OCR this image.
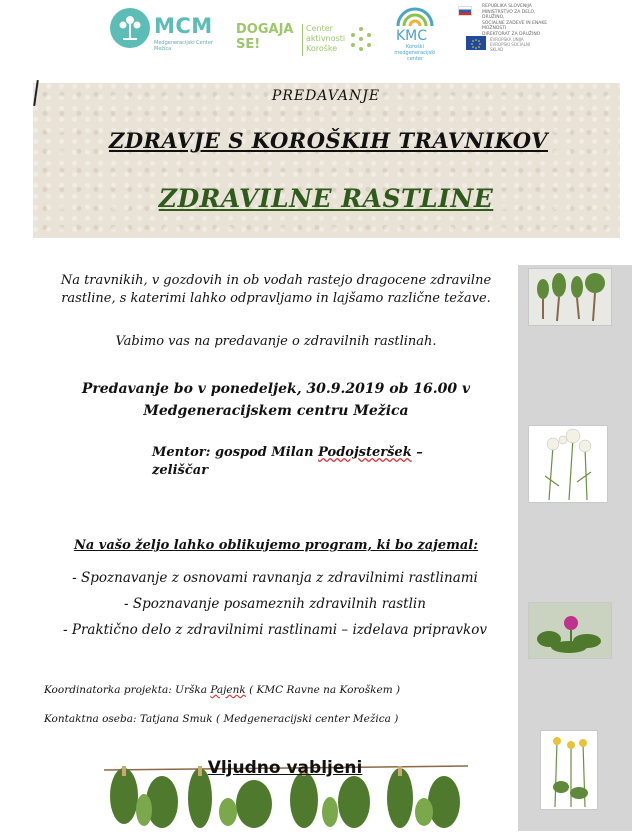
MCM
Medgeneracijski Center Mežica
DOGAJA
SE!
Center
aktivnosti
Koroške
KMC
Koroški medgeneracijski center
REPUBLIKA SLOVENIJA
MINISTRSTVO ZA DELO, DRUŽINO,
SOCIALNE ZADEVE IN ENAKE MOŽNOSTI
DIREKTORAT ZA DRUŽINO
EVROPSKA UNIJA
EVROPSKI SOCIALNI SKLAD
PREDAVANJE
ZDRAVJE S KOROŠKIH TRAVNIKOV
ZDRAVILNE RASTLINE
Na travnikih, v gozdovih in ob vodah rastejo dragocene zdravilne rastline, s katerimi lahko odpravljamo in lajšamo različne težave.
Vabimo vas na predavanje o zdravilnih rastlinah.
Predavanje bo v ponedeljek, 30.9.2019 ob 16.00 v
Medgeneracijskem centru Mežica
Mentor: gospod Milan Podojsteršek – zeliščar
Na vašo željo lahko oblikujemo program, ki bo zajemal:
- Spoznavanje z osnovami ravnanja z zdravilnimi rastlinami
- Spoznavanje posameznih zdravilnih rastlin
- Praktično delo z zdravilnimi rastlinami – izdelava pripravkov
Koordinatorka projekta: Urška Pajenk ( KMC Ravne na Koroškem )
Kontaktna oseba: Tatjana Smuk ( Medgeneracijski center Mežica )
Vljudno vabljeni
